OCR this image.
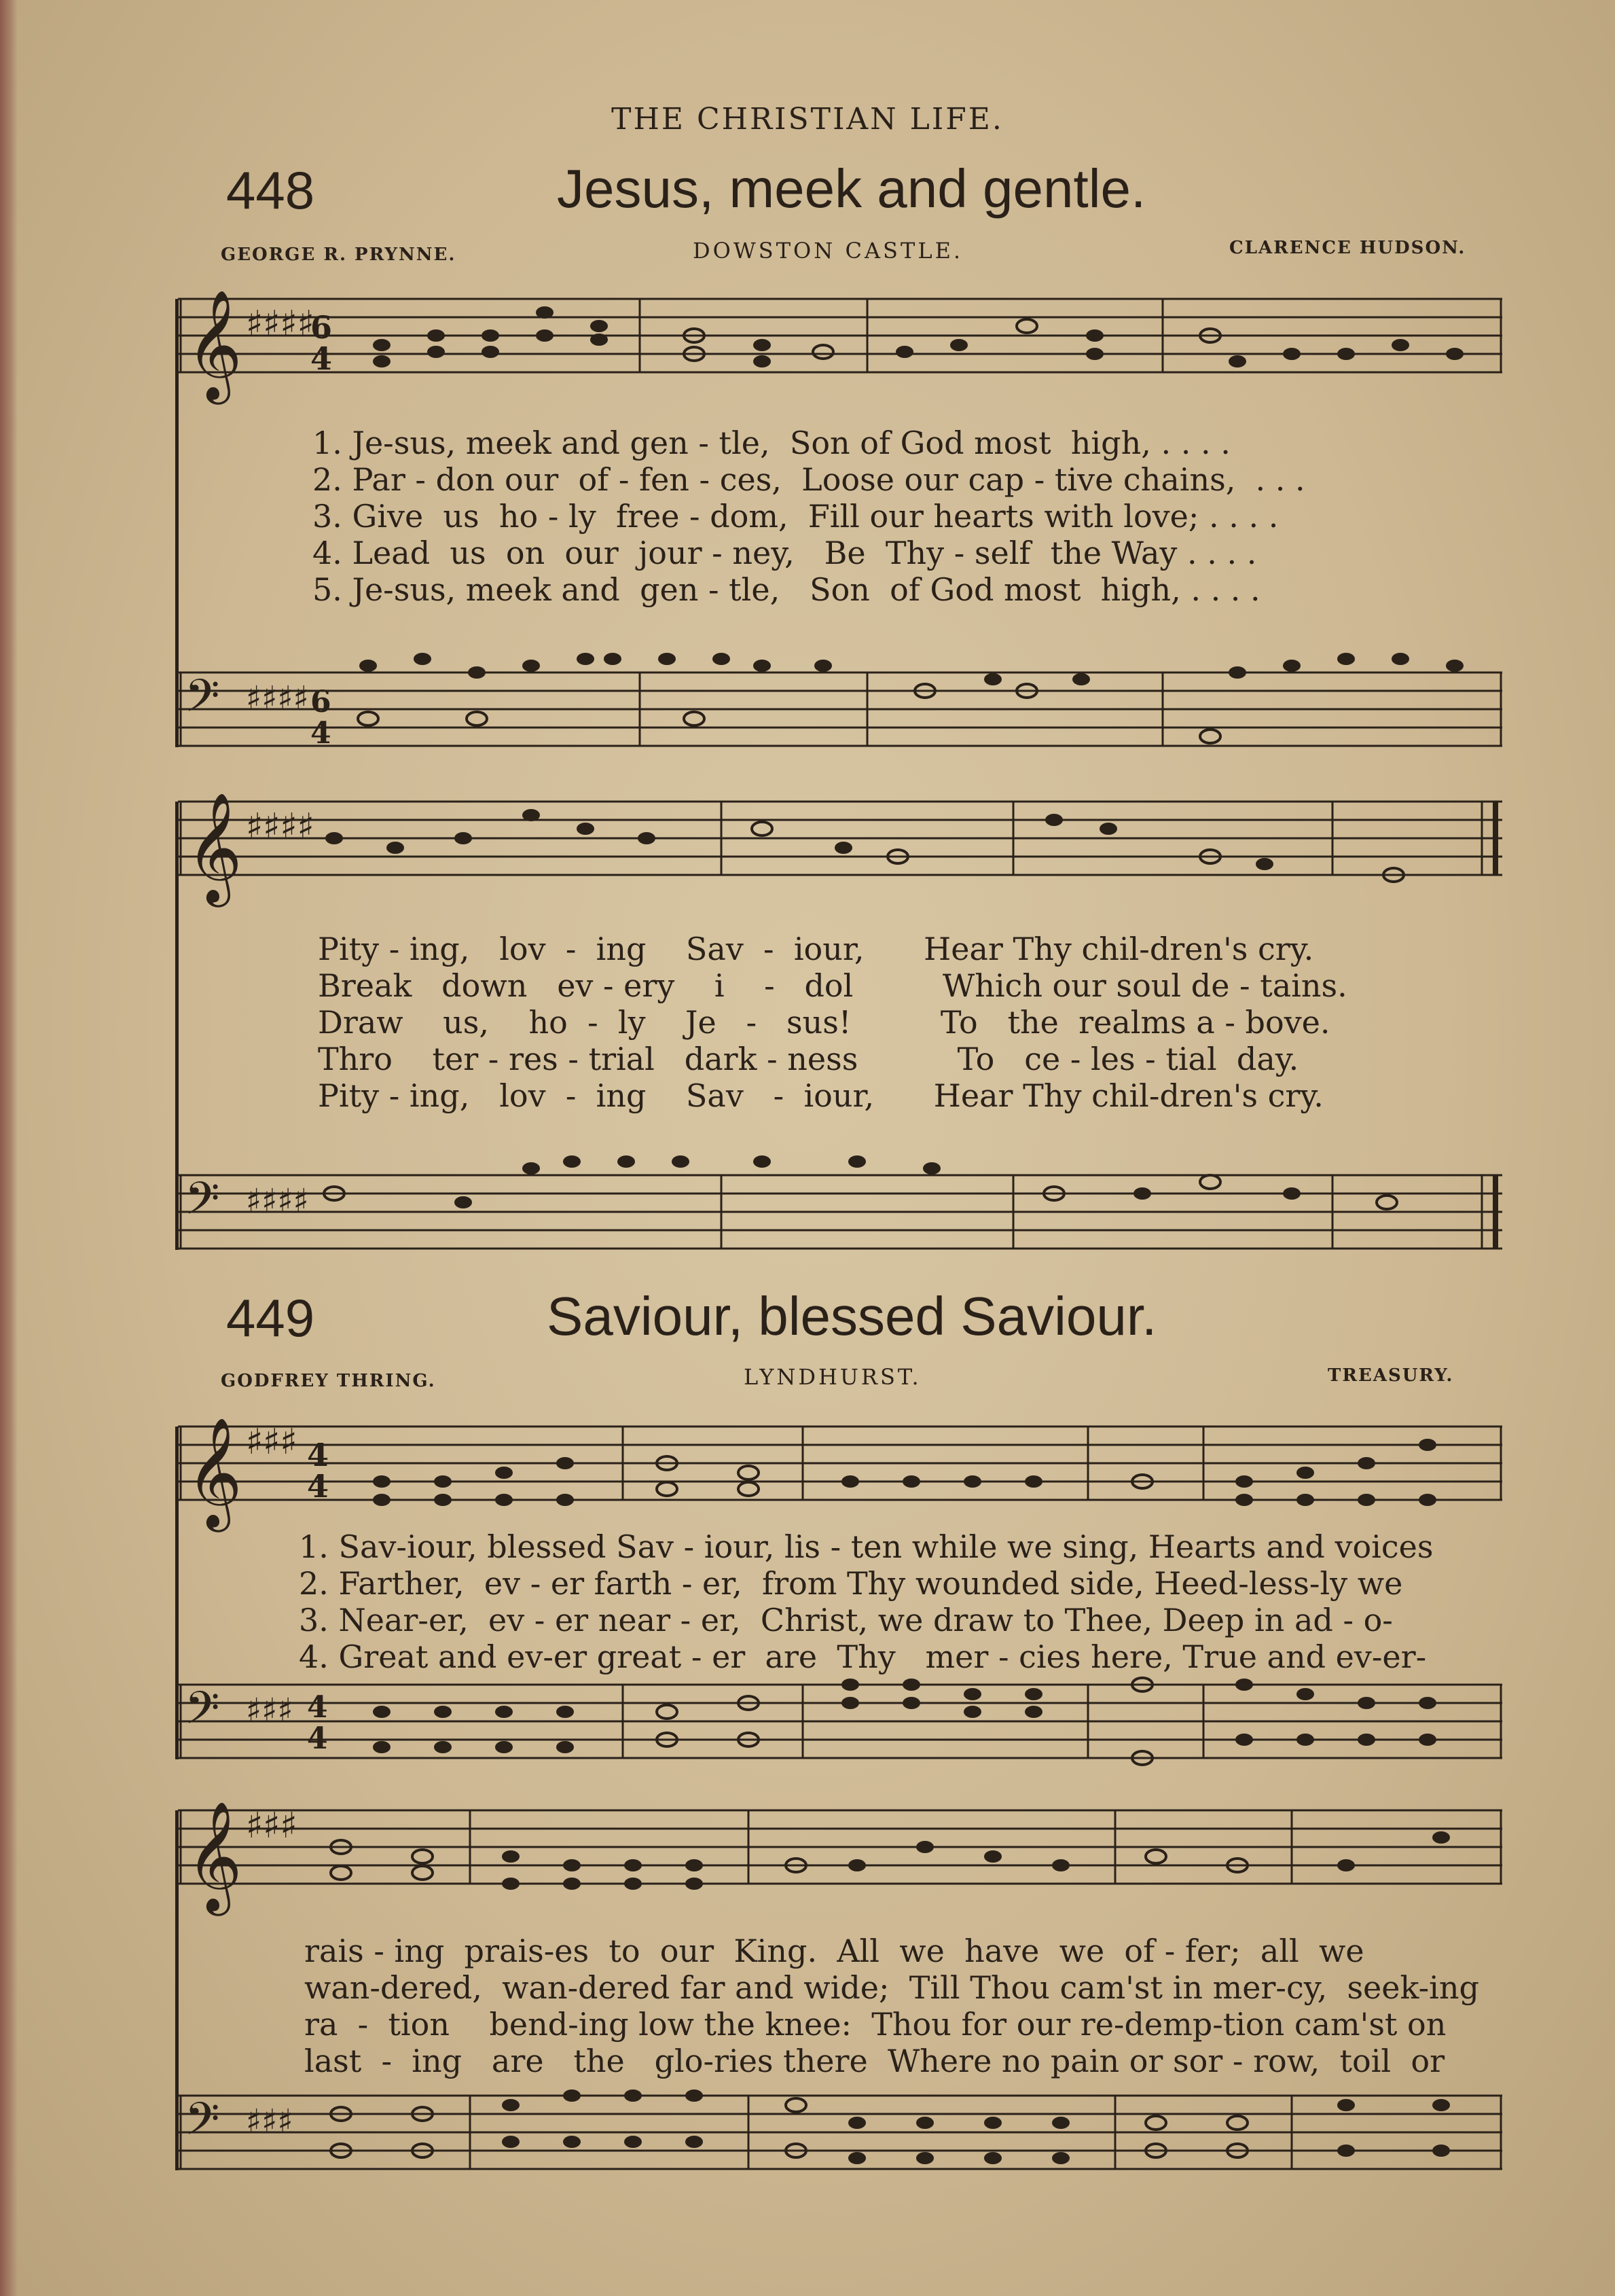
THE CHRISTIAN LIFE.
448	Jesus, meek and gentle.
GEORGE R. PRYNNE.	DOWSTON CASTLE.	CLARENCE HUDSON.
𝄞 ♯♯♯♯
6
4
1. Je-sus, meek and gen - tle,  Son of God most  high, . . . .
2. Par - don our  of - fen - ces,  Loose our cap - tive chains,  . . .
3. Give  us  ho - ly  free - dom,  Fill our hearts with love; . . . .
4. Lead  us  on  our  jour - ney,   Be  Thy - self  the Way . . . .
5. Je-sus, meek and  gen - tle,   Son  of God most  high, . . . .
𝄢 ♯♯♯♯ 6
4
𝄞 ♯♯♯♯
Pity - ing,   lov  -  ing    Sav  -  iour,      Hear Thy chil-dren's cry.
Break   down   ev - ery    i    -   dol         Which our soul de - tains.
Draw    us,    ho  -  ly    Je   -   sus!         To   the  realms a - bove.
Thro    ter - res - trial   dark - ness          To   ce - les - tial  day.
Pity - ing,   lov  -  ing    Sav   -  iour,      Hear Thy chil-dren's cry.
𝄢 ♯♯♯♯
449	Saviour, blessed Saviour.
GODFREY THRING.	LYNDHURST.	TREASURY.
𝄞 ♯♯♯ 4
4
1. Sav-iour, blessed Sav - iour, lis - ten while we sing, Hearts and voices
2. Farther,  ev - er farth - er,  from Thy wounded side, Heed-less-ly we
3. Near-er,  ev - er near - er,  Christ, we draw to Thee, Deep in ad - o-
4. Great and ev-er great - er  are  Thy   mer - cies here, True and ev-er-
𝄢 ♯♯♯ 4
4
𝄞 ♯♯♯
rais - ing  prais-es  to  our  King.  All  we  have  we  of - fer;  all  we
wan-dered,  wan-dered far and wide;  Till Thou cam'st in mer-cy,  seek-ing
ra  -  tion    bend-ing low the knee:  Thou for our re-demp-tion cam'st on
last  -  ing   are   the   glo-ries there  Where no pain or sor - row,  toil  or
𝄢 ♯♯♯
